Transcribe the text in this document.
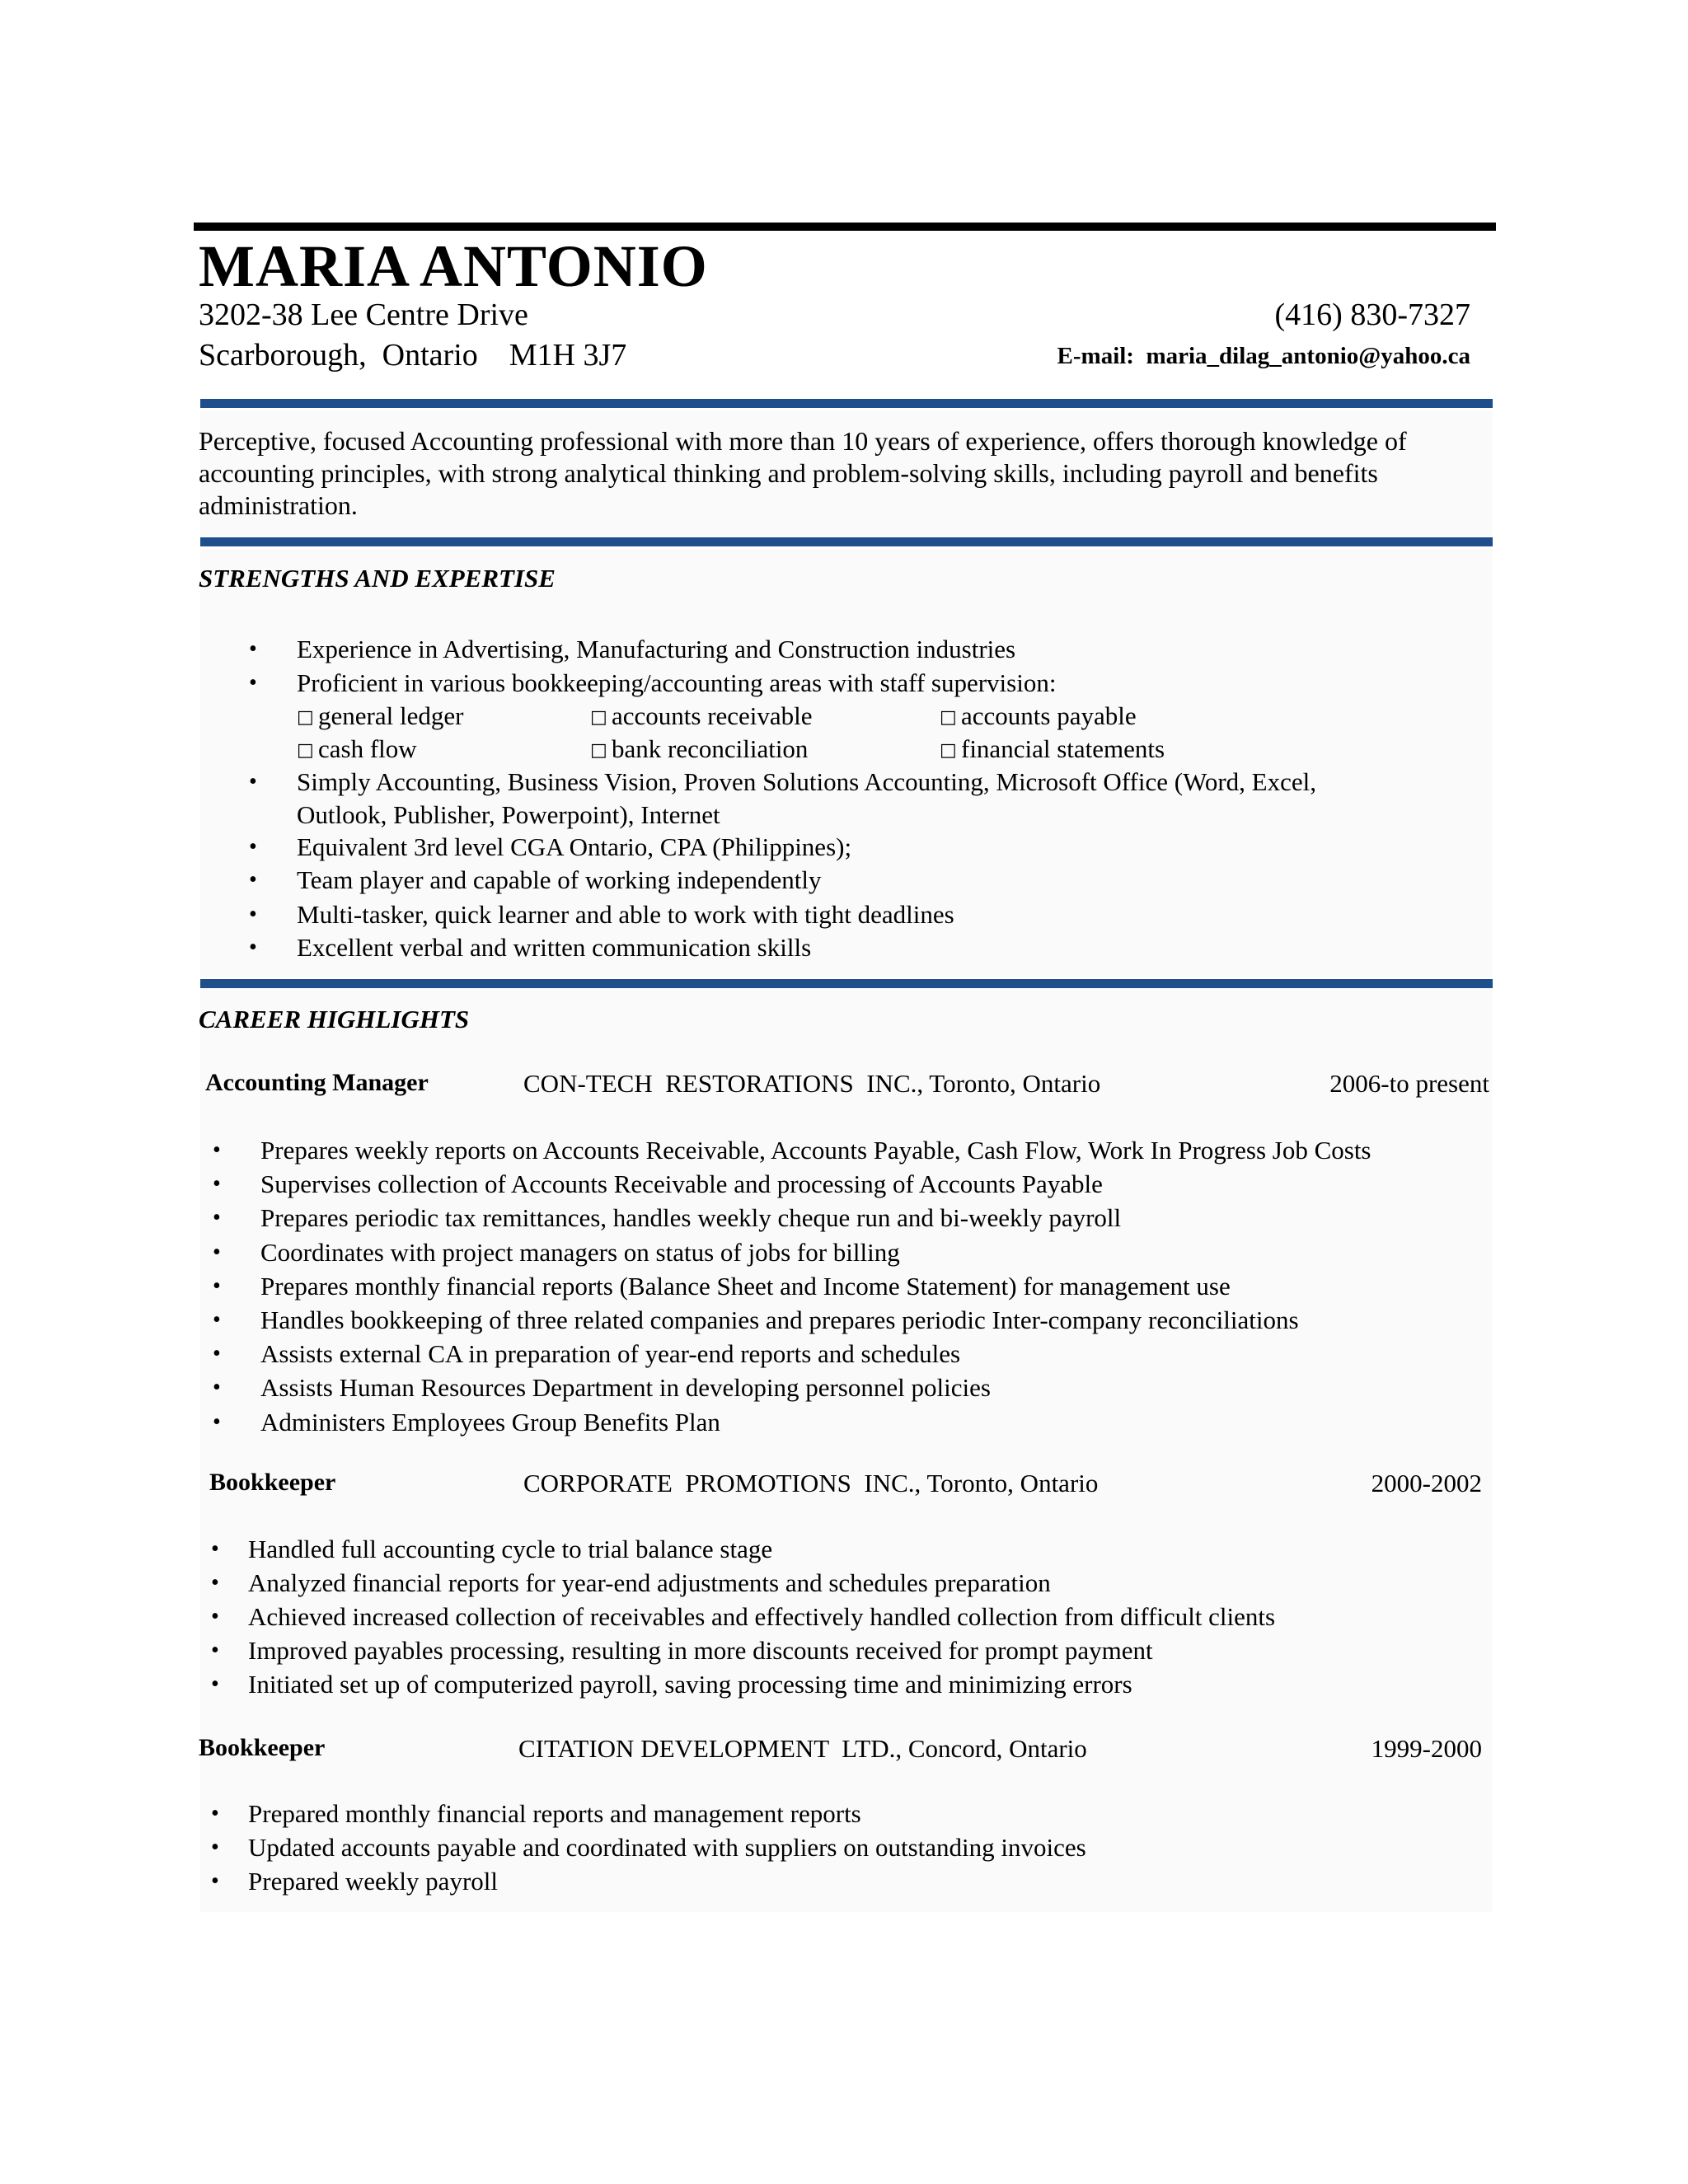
MARIA ANTONIO
3202-38 Lee Centre Drive
Scarborough,  Ontario    M1H 3J7
(416) 830-7327
E-mail: maria_dilag_antonio@yahoo.ca

Perceptive, focused Accounting professional with more than 10 years of experience, offers thorough knowledge of accounting principles, with strong analytical thinking and problem-solving skills, including payroll and benefits administration.

STRENGTHS AND EXPERTISE
• Experience in Advertising, Manufacturing and Construction industries
• Proficient in various bookkeeping/accounting areas with staff supervision:
□ general ledger	□ accounts receivable	□ accounts payable
□ cash flow	□ bank reconciliation	□ financial statements
• Simply Accounting, Business Vision, Proven Solutions Accounting, Microsoft Office (Word, Excel,
Outlook, Publisher, Powerpoint), Internet
• Equivalent 3rd level CGA Ontario, CPA (Philippines);
• Team player and capable of working independently
• Multi-tasker, quick learner and able to work with tight deadlines
• Excellent verbal and written communication skills
CAREER HIGHLIGHTS
Accounting Manager	CON-TECH  RESTORATIONS  INC., Toronto, Ontario	2006-to present
• Prepares weekly reports on Accounts Receivable, Accounts Payable, Cash Flow, Work In Progress Job Costs
• Supervises collection of Accounts Receivable and processing of Accounts Payable
• Prepares periodic tax remittances, handles weekly cheque run and bi-weekly payroll
• Coordinates with project managers on status of jobs for billing
• Prepares monthly financial reports (Balance Sheet and Income Statement) for management use
• Handles bookkeeping of three related companies and prepares periodic Inter-company reconciliations
• Assists external CA in preparation of year-end reports and schedules
• Assists Human Resources Department in developing personnel policies
• Administers Employees Group Benefits Plan
Bookkeeper	CORPORATE  PROMOTIONS  INC., Toronto, Ontario	2000-2002
• Handled full accounting cycle to trial balance stage
• Analyzed financial reports for year-end adjustments and schedules preparation
• Achieved increased collection of receivables and effectively handled collection from difficult clients
• Improved payables processing, resulting in more discounts received for prompt payment
• Initiated set up of computerized payroll, saving processing time and minimizing errors
Bookkeeper	CITATION DEVELOPMENT  LTD., Concord, Ontario	1999-2000
• Prepared monthly financial reports and management reports
• Updated accounts payable and coordinated with suppliers on outstanding invoices
• Prepared weekly payroll
